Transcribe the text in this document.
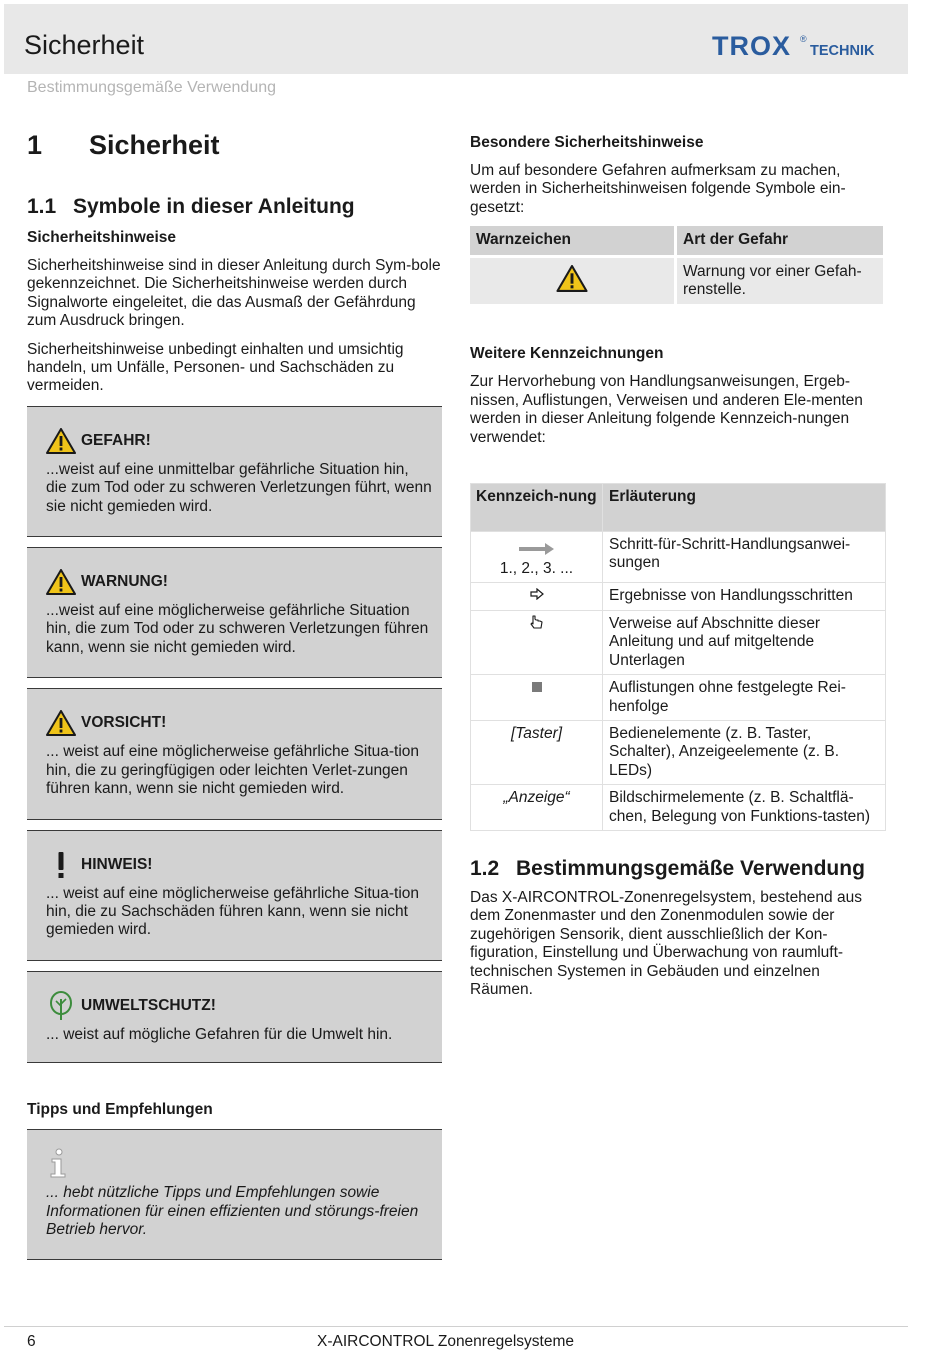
Sicherheit
Bestimmungsgemäße Verwendung
TROX ®
TECHNIK
1	Sicherheit
1.1 Symbole in dieser Anleitung
Sicherheitshinweise
Sicherheitshinweise sind in dieser Anleitung durch Sym-bole gekennzeichnet. Die Sicherheitshinweise werden durch Signalworte eingeleitet, die das Ausmaß der Gefährdung zum Ausdruck bringen.
Sicherheitshinweise unbedingt einhalten und umsichtig handeln, um Unfälle, Personen- und Sachschäden zu vermeiden.
GEFAHR!
...weist auf eine unmittelbar gefährliche Situation hin, die zum Tod oder zu schweren Verletzungen führt, wenn sie nicht gemieden wird.
WARNUNG!
...weist auf eine möglicherweise gefährliche Situation hin, die zum Tod oder zu schweren Verletzungen führen kann, wenn sie nicht gemieden wird.
VORSICHT!
... weist auf eine möglicherweise gefährliche Situa-tion hin, die zu geringfügigen oder leichten Verlet-zungen führen kann, wenn sie nicht gemieden wird.
HINWEIS!
... weist auf eine möglicherweise gefährliche Situa-tion hin, die zu Sachschäden führen kann, wenn sie nicht gemieden wird.
UMWELTSCHUTZ!
... weist auf mögliche Gefahren für die Umwelt hin.
Tipps und Empfehlungen
... hebt nützliche Tipps und Empfehlungen sowie Informationen für einen effizienten und störungs-freien Betrieb hervor.
Besondere Sicherheitshinweise
Um auf besondere Gefahren aufmerksam zu machen, werden in Sicherheitshinweisen folgende Symbole ein-gesetzt:
Warnzeichen	Art der Gefahr
	Warnung vor einer Gefah-renstelle.
Weitere Kennzeichnungen
Zur Hervorhebung von Handlungsanweisungen, Ergeb-nissen, Auflistungen, Verweisen und anderen Ele-menten werden in dieser Anleitung folgende Kennzeich-nungen verwendet:
Kennzeich-nung	Erläuterung

1., 2., 3. ...	Schritt-für-Schritt-Handlungsanwei-sungen
	Ergebnisse von Handlungsschritten
	Verweise auf Abschnitte dieser Anleitung und auf mitgeltende Unterlagen
	Auflistungen ohne festgelegte Rei-henfolge
[Taster]	Bedienelemente (z. B. Taster, Schalter), Anzeigeelemente (z. B. LEDs)
„Anzeige“	Bildschirmelemente (z. B. Schaltflä-chen, Belegung von Funktions-tasten)
1.2 Bestimmungsgemäße Verwendung
Das X-AIRCONTROL-Zonenregelsystem, bestehend aus dem Zonenmaster und den Zonenmodulen sowie der zugehörigen Sensorik, dient ausschließlich der Kon-figuration, Einstellung und Überwachung von raumluft-technischen Systemen in Gebäuden und einzelnen Räumen.
6	X-AIRCONTROL Zonenregelsysteme
